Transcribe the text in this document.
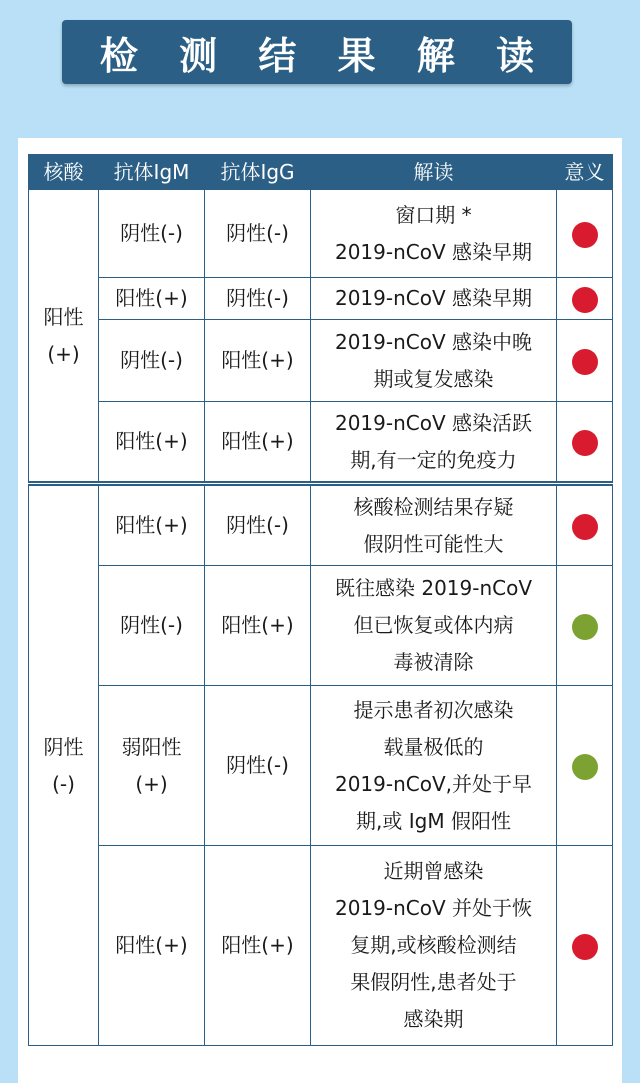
检 测 结 果 解 读
核酸	抗体IgM	抗体IgG	解读	意义

阳性
(+)	阴性(-)	阴性(-)	窗口期 *
2019-nCoV 感染早期	

	阳性(+)	阴性(-)	2019-nCoV 感染早期	

	阴性(-)	阳性(+)	2019-nCoV 感染中晚
期或复发感染	

	阳性(+)	阳性(+)	2019-nCoV 感染活跃
期,有一定的免疫力	

阴性
(-)	阳性(+)	阴性(-)	核酸检测结果存疑
假阴性可能性大	

	阴性(-)	阳性(+)	既往感染 2019-nCoV
但已恢复或体内病
毒被清除	

	弱阳性
(+)	阴性(-)	提示患者初次感染
载量极低的
2019-nCoV,并处于早
期,或 IgM 假阳性	

	阳性(+)	阳性(+)	近期曾感染
2019-nCoV 并处于恢
复期,或核酸检测结
果假阴性,患者处于
感染期	
